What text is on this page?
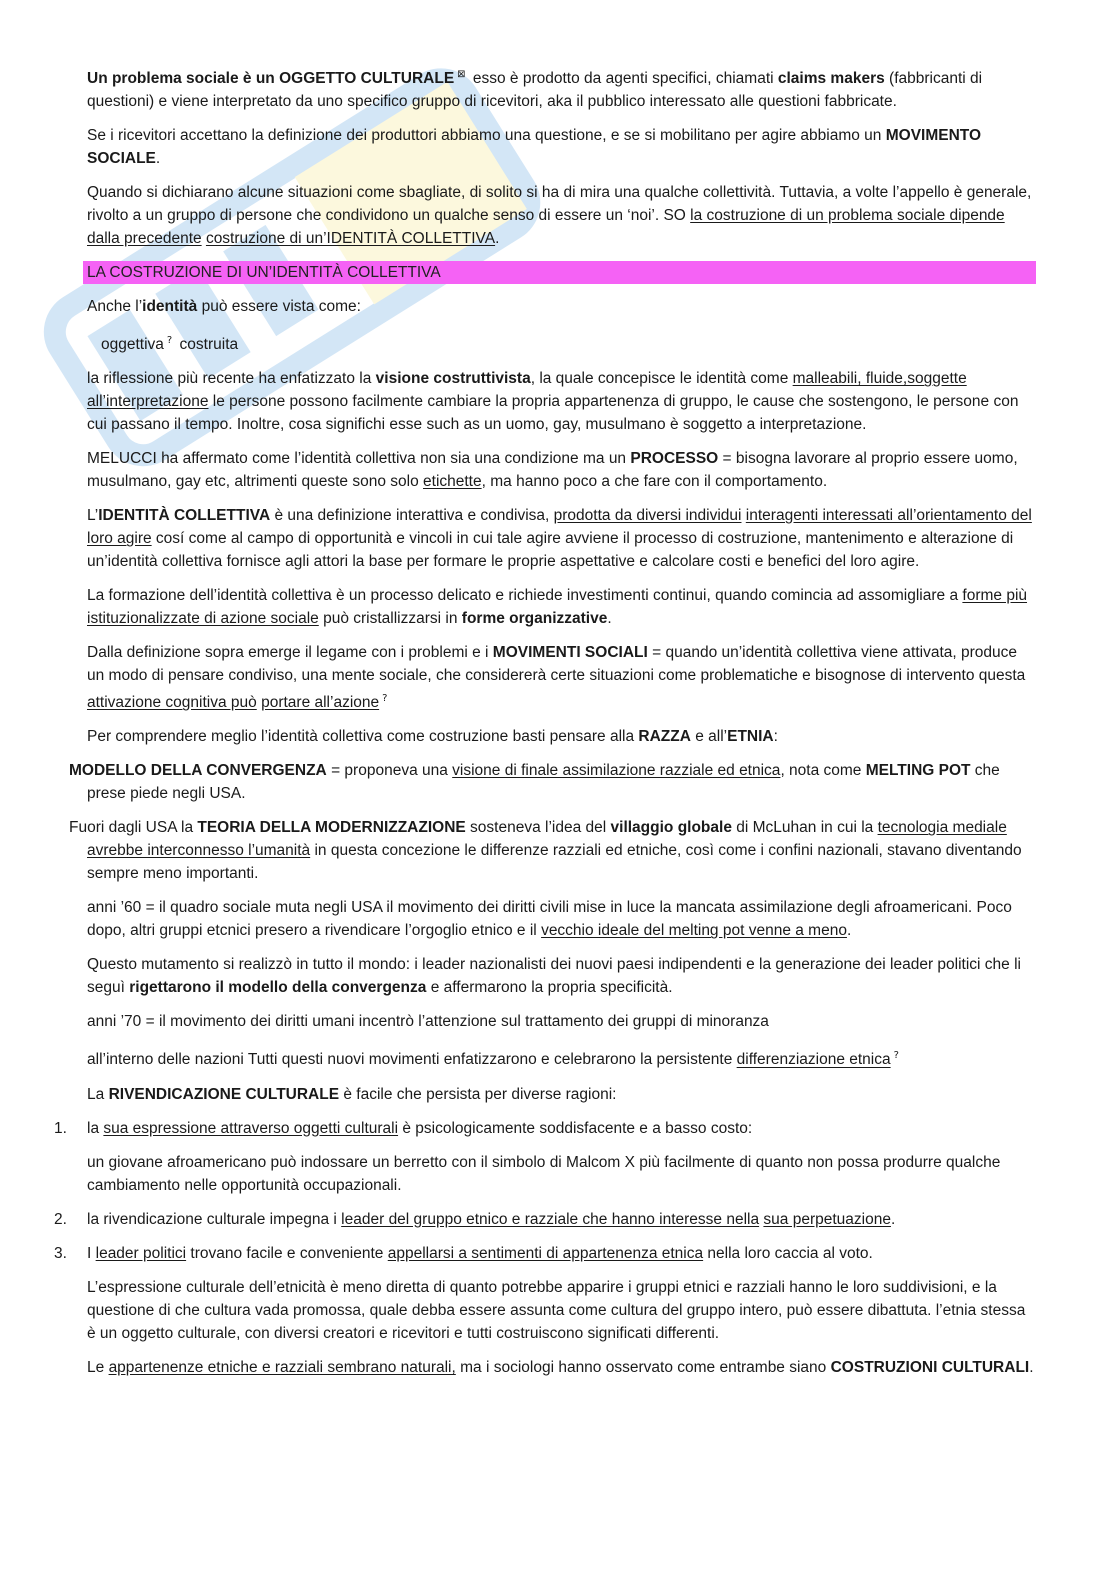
Un problema sociale è un OGGETTO CULTURALE ⊠ esso è prodotto da agenti specifici, chiamati claims makers (fabbricanti di questioni) e viene interpretato da uno specifico gruppo di ricevitori, aka il pubblico interessato alle questioni fabbricate.

Se i ricevitori accettano la definizione dei produttori abbiamo una questione, e se si mobilitano per agire abbiamo un MOVIMENTO SOCIALE.

Quando si dichiarano alcune situazioni come sbagliate, di solito si ha di mira una qualche collettività. Tuttavia, a volte l’appello è generale, rivolto a un gruppo di persone che condividono un qualche senso di essere un ‘noi’. SO la costruzione di un problema sociale dipende dalla precedente costruzione di un’IDENTITÀ COLLETTIVA.

LA COSTRUZIONE DI UN’IDENTITÀ COLLETTIVA

Anche l’identità può essere vista come:

oggettiva ? costruita

la riflessione più recente ha enfatizzato la visione costruttivista, la quale concepisce le identità come malleabili, fluide,soggette all’interpretazione le persone possono facilmente cambiare la propria appartenenza di gruppo, le cause che sostengono, le persone con cui passano il tempo. Inoltre, cosa significhi esse such as un uomo, gay, musulmano è soggetto a interpretazione.

MELUCCI ha affermato come l’identità collettiva non sia una condizione ma un PROCESSO = bisogna lavorare al proprio essere uomo, musulmano, gay etc, altrimenti queste sono solo etichette, ma hanno poco a che fare con il comportamento.

L’IDENTITÀ COLLETTIVA è una definizione interattiva e condivisa, prodotta da diversi individui interagenti interessati all’orientamento del loro agire cosí come al campo di opportunità e vincoli in cui tale agire avviene il processo di costruzione, mantenimento e alterazione di un’identità collettiva fornisce agli attori la base per formare le proprie aspettative e calcolare costi e benefici del loro agire.

La formazione dell’identità collettiva è un processo delicato e richiede investimenti continui, quando comincia ad assomigliare a forme più istituzionalizzate di azione sociale può cristallizzarsi in forme organizzative.

Dalla definizione sopra emerge il legame con i problemi e i MOVIMENTI SOCIALI = quando un’identità collettiva viene attivata, produce un modo di pensare condiviso, una mente sociale, che considererà certe situazioni come problematiche e bisognose di intervento questa attivazione cognitiva può portare all’azione ?

Per comprendere meglio l’identità collettiva come costruzione basti pensare alla RAZZA e all’ETNIA:

MODELLO DELLA CONVERGENZA = proponeva una visione di finale assimilazione razziale ed etnica, nota come MELTING POT che prese piede negli USA.

Fuori dagli USA la TEORIA DELLA MODERNIZZAZIONE sosteneva l’idea del villaggio globale di McLuhan in cui la tecnologia mediale avrebbe interconnesso l’umanità in questa concezione le differenze razziali ed etniche, così come i confini nazionali, stavano diventando sempre meno importanti.

anni ’60 = il quadro sociale muta negli USA il movimento dei diritti civili mise in luce la mancata assimilazione degli afroamericani. Poco dopo, altri gruppi etcnici presero a rivendicare l’orgoglio etnico e il vecchio ideale del melting pot venne a meno.

Questo mutamento si realizzò in tutto il mondo: i leader nazionalisti dei nuovi paesi indipendenti e la generazione dei leader politici che li seguì rigettarono il modello della convergenza e affermarono la propria specificità.

anni ’70 = il movimento dei diritti umani incentrò l’attenzione sul trattamento dei gruppi di minoranza

all’interno delle nazioni Tutti questi nuovi movimenti enfatizzarono e celebrarono la persistente differenziazione etnica ?

La RIVENDICAZIONE CULTURALE è facile che persista per diverse ragioni:

1. la sua espressione attraverso oggetti culturali è psicologicamente soddisfacente e a basso costo:

un giovane afroamericano può indossare un berretto con il simbolo di Malcom X più facilmente di quanto non possa produrre qualche cambiamento nelle opportunità occupazionali.

2. la rivendicazione culturale impegna i leader del gruppo etnico e razziale che hanno interesse nella sua perpetuazione.

3. I leader politici trovano facile e conveniente appellarsi a sentimenti di appartenenza etnica nella loro caccia al voto.

L’espressione culturale dell’etnicità è meno diretta di quanto potrebbe apparire i gruppi etnici e razziali hanno le loro suddivisioni, e la questione di che cultura vada promossa, quale debba essere assunta come cultura del gruppo intero, può essere dibattuta. l’etnia stessa è un oggetto culturale, con diversi creatori e ricevitori e tutti costruiscono significati differenti.

Le appartenenze etniche e razziali sembrano naturali, ma i sociologi hanno osservato come entrambe siano COSTRUZIONI CULTURALI.
